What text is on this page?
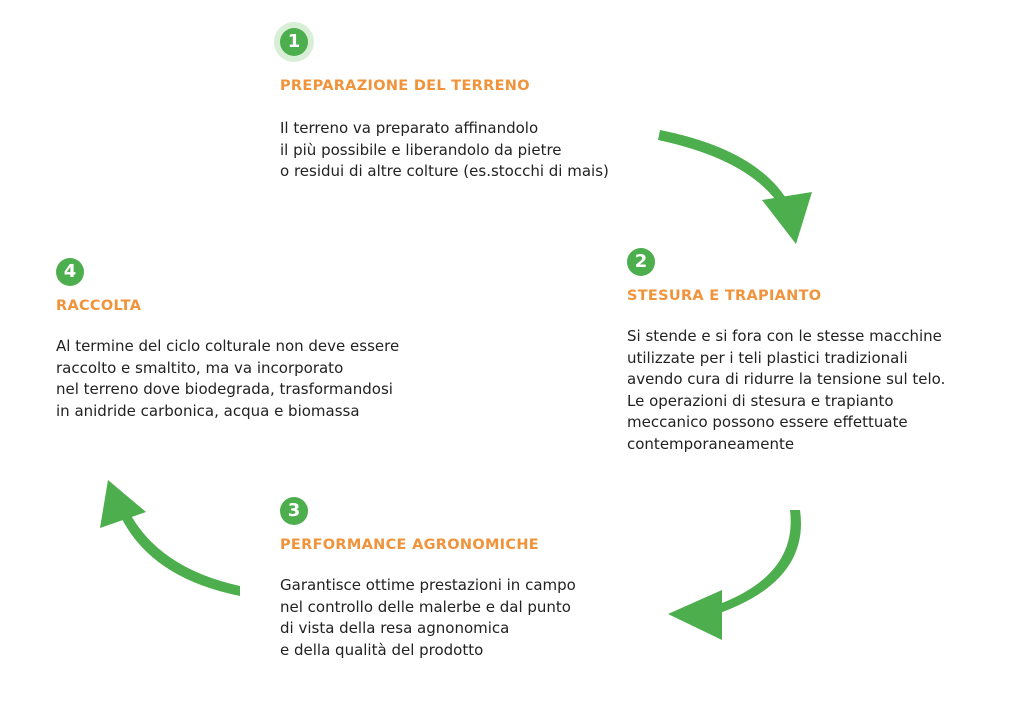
1
PREPARAZIONE DEL TERRENO
Il terreno va preparato affinandolo
il più possibile e liberandolo da pietre
o residui di altre colture (es.stocchi di mais)
2
STESURA E TRAPIANTO
Si stende e si fora con le stesse macchine
utilizzate per i teli plastici tradizionali
avendo cura di ridurre la tensione sul telo.
Le operazioni di stesura e trapianto
meccanico possono essere effettuate
contemporaneamente
3
PERFORMANCE AGRONOMICHE
Garantisce ottime prestazioni in campo
nel controllo delle malerbe e dal punto
di vista della resa agnonomica
e della qualità del prodotto
4
RACCOLTA
Al termine del ciclo colturale non deve essere
raccolto e smaltito, ma va incorporato
nel terreno dove biodegrada, trasformandosi
in anidride carbonica, acqua e biomassa
